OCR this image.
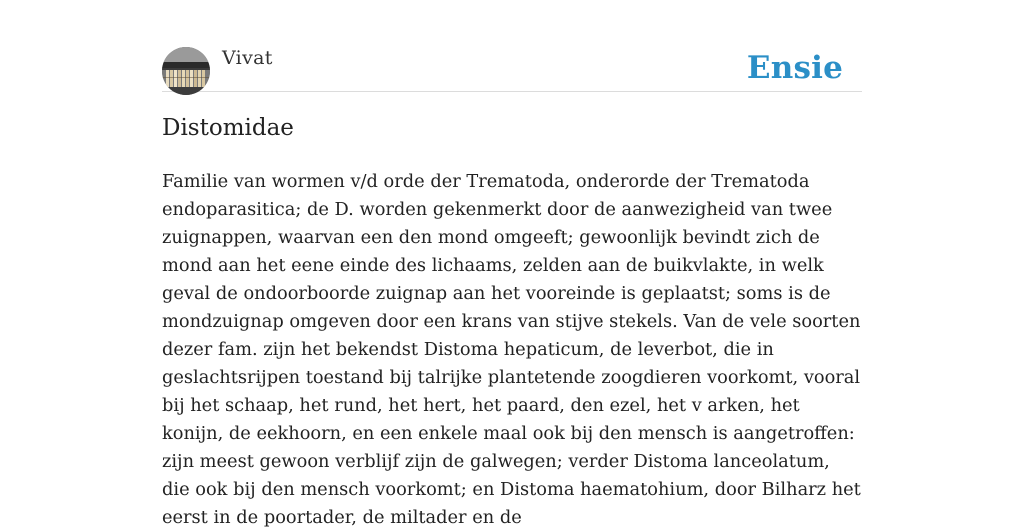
Vivat	Ensie
Distomidae

Familie van wormen v/d orde der Trematoda, onderorde der Trematoda endoparasitica; de D. worden gekenmerkt door de aanwezigheid van twee zuignappen, waarvan een den mond omgeeft; gewoonlijk bevindt zich de mond aan het eene einde des lichaams, zelden aan de buikvlakte, in welk geval de ondoorboorde zuignap aan het vooreinde is geplaatst; soms is de mondzuignap omgeven door een krans van stijve stekels. Van de vele soorten dezer fam. zijn het bekendst Distoma hepaticum, de leverbot, die in geslachtsrijpen toestand bij talrijke plantetende zoogdieren voorkomt, vooral bij het schaap, het rund, het hert, het paard, den ezel, het v arken, het konijn, de eekhoorn, en een enkele maal ook bij den mensch is aangetroffen: zijn meest gewoon verblijf zijn de galwegen; verder Distoma lanceolatum, die ook bij den mensch voorkomt; en Distoma haematohium, door Bilharz het eerst in de poortader, de miltader en de
